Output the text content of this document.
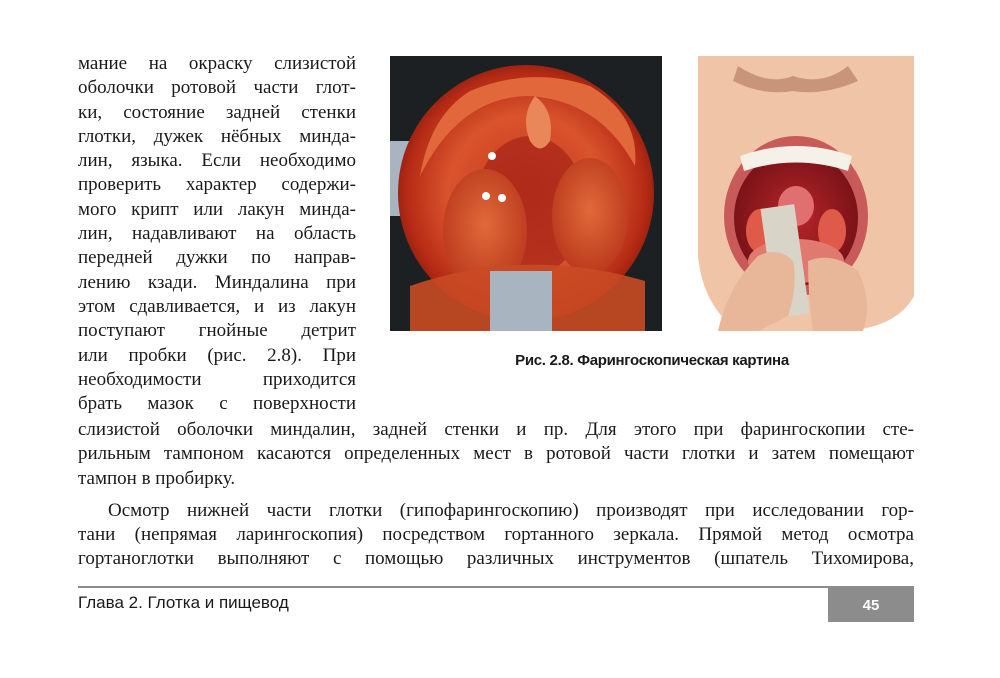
мание на окраску слизистой
оболочки ротовой части глот-
ки, состояние задней стенки
глотки, дужек нёбных минда-
лин, языка. Если необходимо
проверить характер содержи-
мого крипт или лакун минда-
лин, надавливают на область
передней дужки по направ-
лению кзади. Миндалина при
этом сдавливается, и из лакун
поступают гнойные детрит
или пробки (рис. 2.8). При
необходимости приходится
брать мазок с поверхности
Рис. 2.8. Фарингоскопическая картина
слизистой оболочки миндалин, задней стенки и пр. Для этого при фарингоскопии сте-
рильным тампоном касаются определенных мест в ротовой части глотки и затем помещают
тампон в пробирку.
Осмотр нижней части глотки (гипофарингоскопию) производят при исследовании гор-
тани (непрямая ларингоскопия) посредством гортанного зеркала. Прямой метод осмотра
гортаноглотки выполняют с помощью различных инструментов (шпатель Тихомирова,
Глава 2. Глотка и пищевод	45
